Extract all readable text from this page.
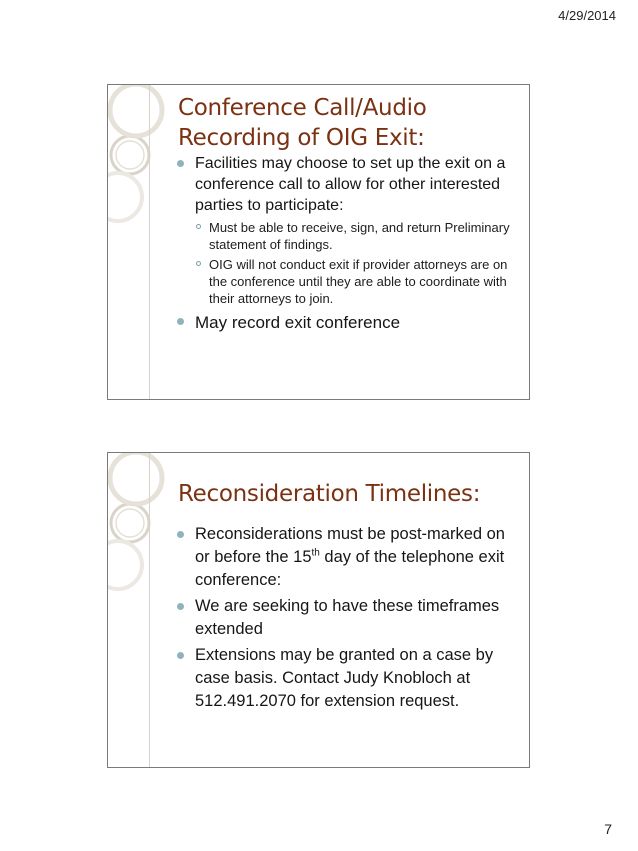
4/29/2014
Conference Call/Audio Recording of OIG Exit:
Facilities may choose to set up the exit on a conference call to allow for other interested parties to participate:
Must be able to receive, sign, and return Preliminary statement of findings.
OIG will not conduct exit if provider attorneys are on the conference until they are able to coordinate with their attorneys to join.
May record exit conference
Reconsideration Timelines:
Reconsiderations must be post-marked on or before the 15th day of the telephone exit conference:
We are seeking to have these timeframes extended
Extensions may be granted on a case by case basis. Contact Judy Knobloch at 512.491.2070 for extension request.
7
